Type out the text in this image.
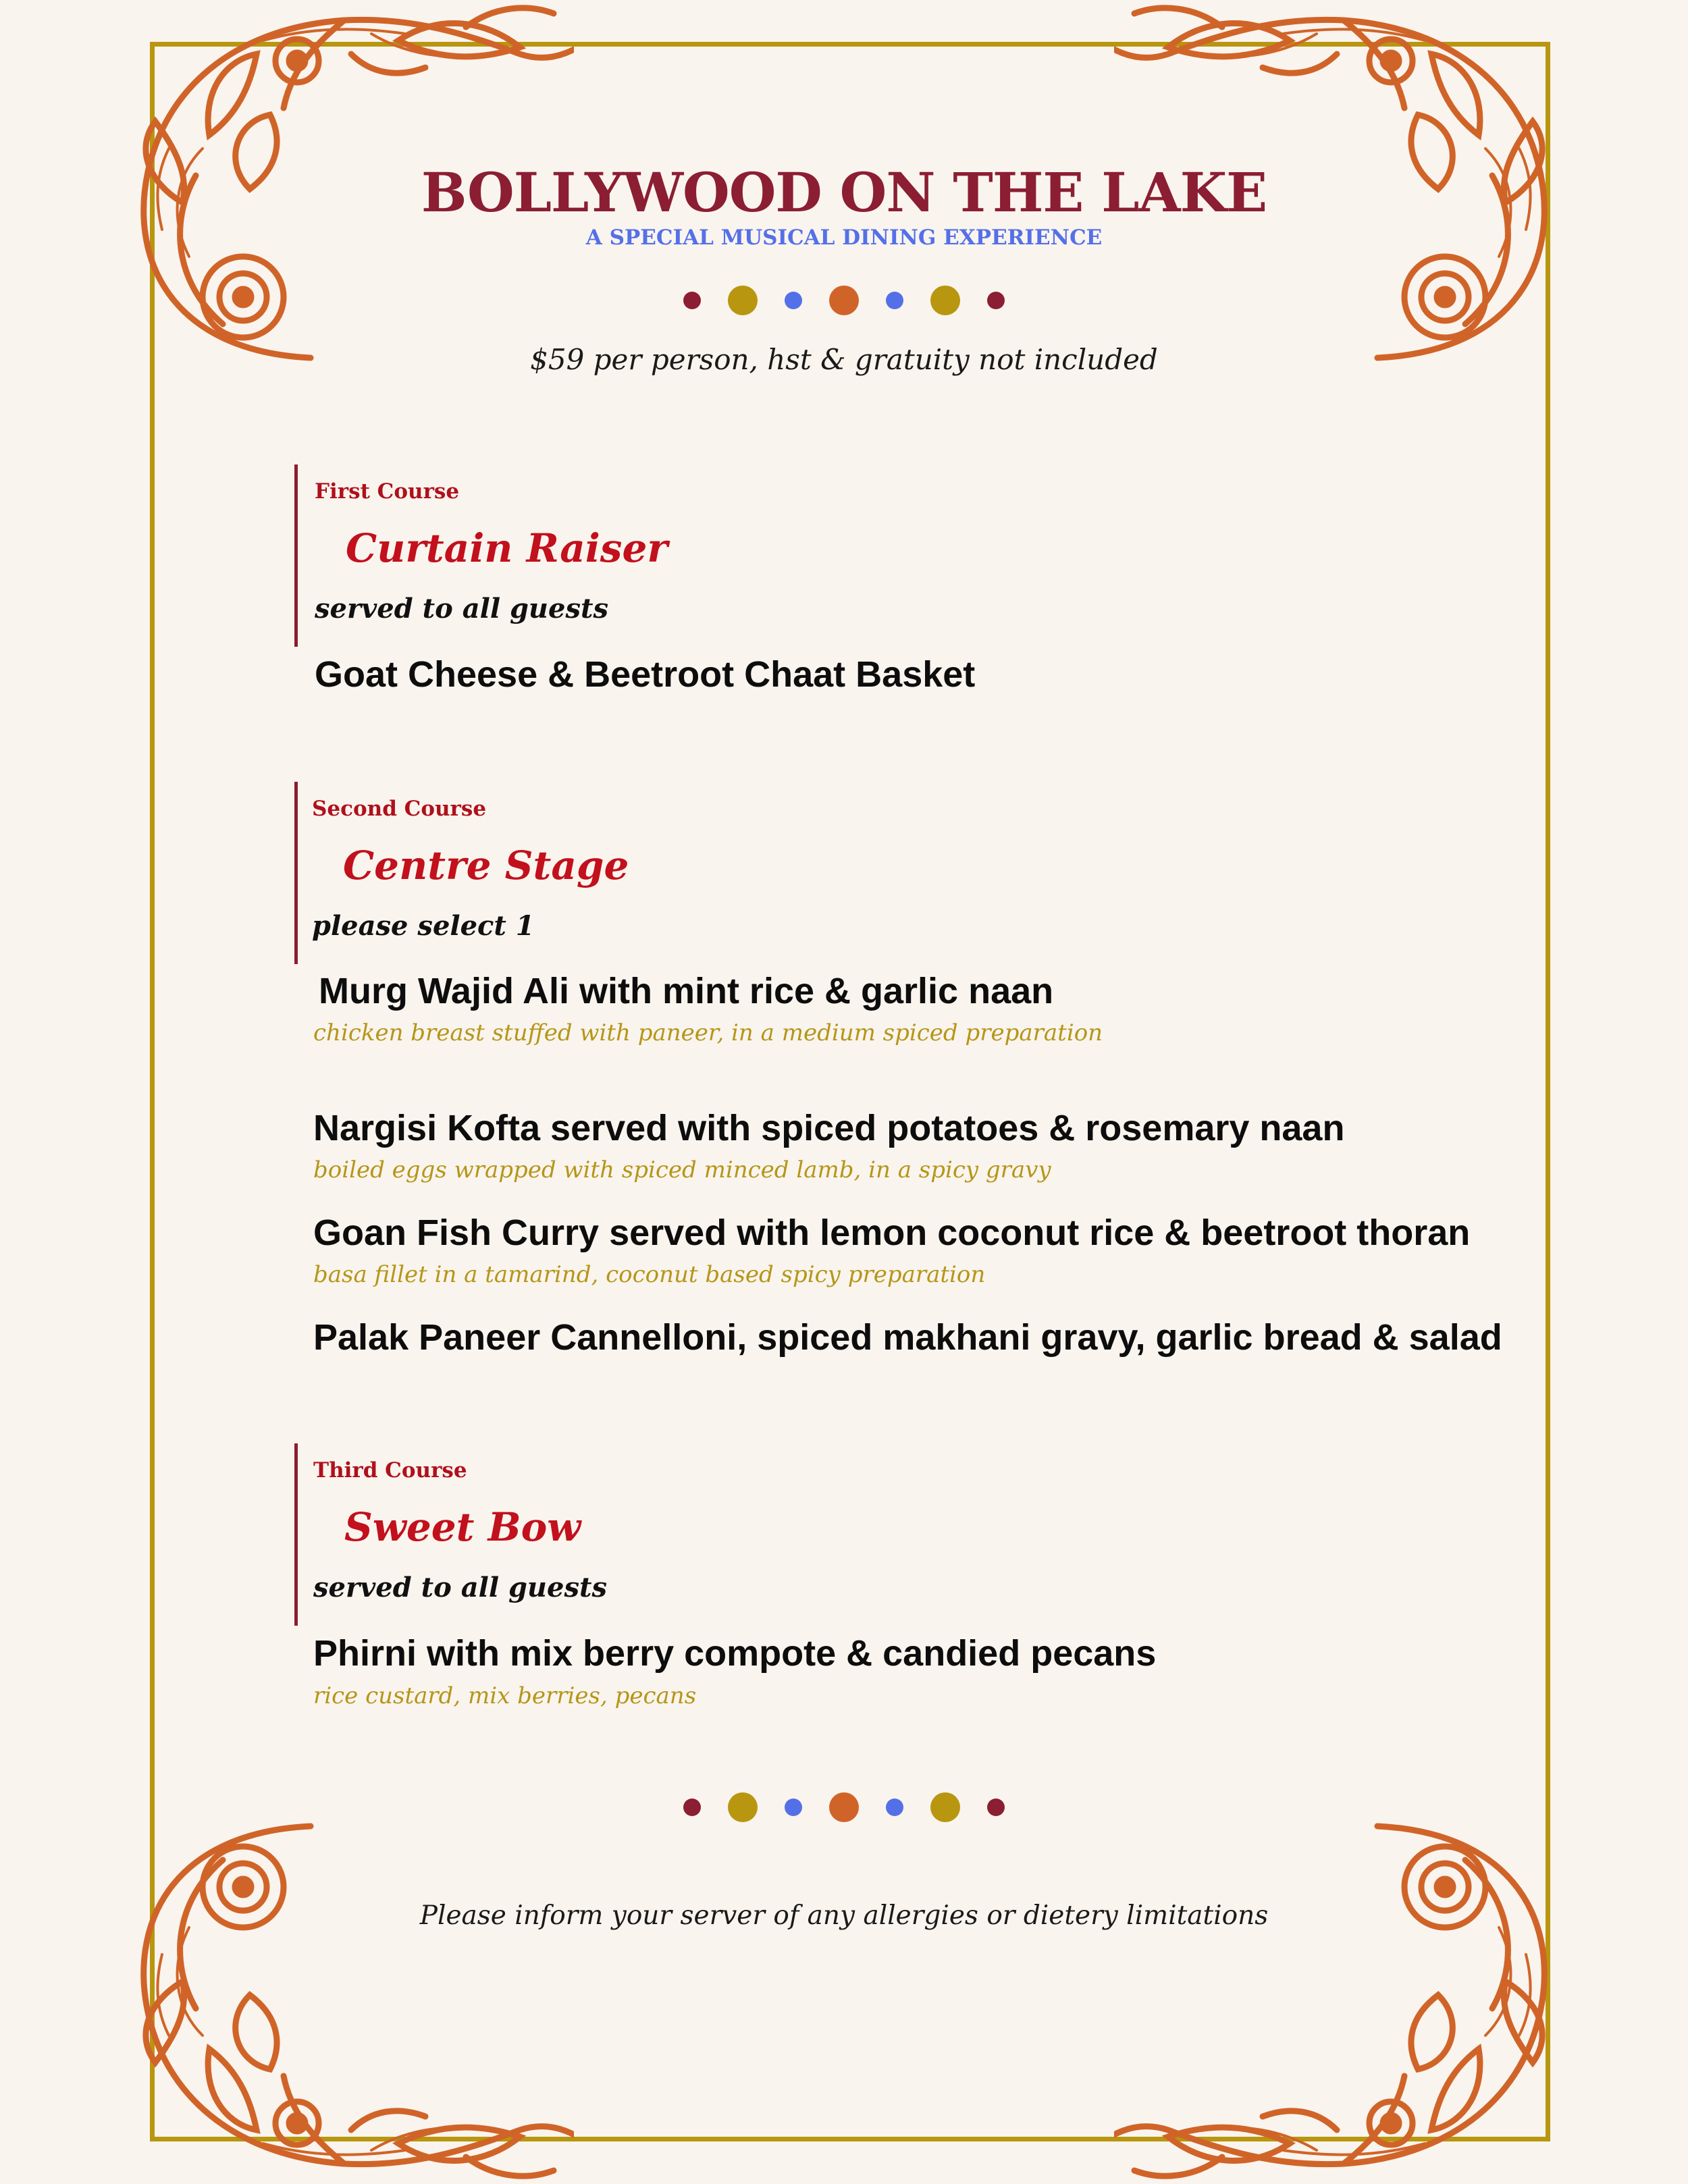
BOLLYWOOD ON THE LAKE
A SPECIAL MUSICAL DINING EXPERIENCE
$59 per person, hst & gratuity not included
First Course
Curtain Raiser
served to all guests
Goat Cheese & Beetroot Chaat Basket
Second Course
Centre Stage
please select 1
Murg Wajid Ali with mint rice & garlic naan
chicken breast stuffed with paneer, in a medium spiced preparation
Nargisi Kofta served with spiced potatoes & rosemary naan
boiled eggs wrapped with spiced minced lamb, in a spicy gravy
Goan Fish Curry served with lemon coconut rice & beetroot thoran
basa fillet in a tamarind, coconut based spicy preparation
Palak Paneer Cannelloni, spiced makhani gravy, garlic bread & salad
Third Course
Sweet Bow
served to all guests
Phirni with mix berry compote & candied pecans
rice custard, mix berries, pecans
Please inform your server of any allergies or dietery limitations
